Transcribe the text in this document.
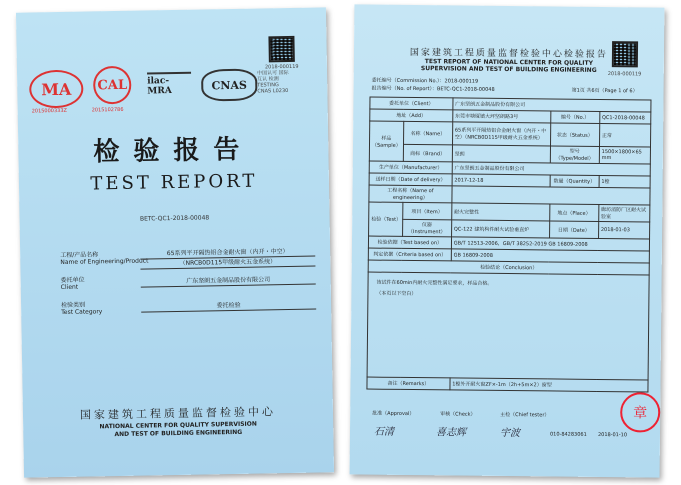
2018-000119
MA
2015000333Z
CAL
2015102786
ilac-MRA	CNAS
中国认可 国际互认 检测 TESTING CNAS L0230
检验报告
TEST REPORT
BETC-QC1-2018-00048
工程/产品名称
Name of Engineering/Product
65系列平开隔热铝合金耐火窗（内开・中空）
（NRCB0D115甲级耐火五金系统）
委托单位
Client
广东坚朗五金制品股份有限公司
检验类别
Test Category
委托检验
国家建筑工程质量监督检验中心
NATIONAL CENTER FOR QUALITY SUPERVISION
AND TEST OF BUILDING ENGINEERING
2018-000119
国家建筑工程质量监督检验中心检验报告
TEST REPORT OF NATIONAL CENTER FOR QUALITY
SUPERVISION AND TEST OF BUILDING ENGINEERING
委托编号（Commission No.）：2018-000119
报告编号（No. of Report）：BETC-QC1-2018-00048	第1页 共6页（Page 1 of 6）
委托单位（Client）		广东坚朗五金制品股份有限公司		
地址（Add）		东莞市塘厦镇大坪坚朗路3号	编号（No.）	QC1-2018-00048
样品（Sample）	名称（Name）	65系列平开隔热铝合金耐火窗（内开・中空）（NRCB0D115甲级耐火五金系统）	状态（Status）	正常
	商标（Brand）	坚朗	型号（Type/Model）	1500×1800×65 mm
生产单位（Manufacturer）		广东坚朗五金制品股份有限公司		
送样日期（Date of delivery）		2017-12-18	数量（Quantity）	1樘
工程名称（Name of engineering）				
检验（Test）	项目（Item）	耐火完整性	地点（Place）	廊坊消防厂区耐火试验室
	仪器（Instrument）	QC-122 建筑构件耐火试验垂直炉	日期（Date）	2018-01-03
检验依据（Test based on）		GB/T 12513-2006，GB/T 38252-2019 GB 16809-2008		
判定依据（Criteria based on）		GB 16809-2008		
检验结论（Conclusion）				

该试件在60min内耐火完整性满足要求，样品合格。
（本页以下空白）				

备注（Remarks）		1樘外开耐火窗ZF×-1m（2h+5m×2）窗型		
批准（Approval）	审核（Check）	主检（Chief tester）
石清	喜志辉	宇波	010-84283061 2018-01-10
章
